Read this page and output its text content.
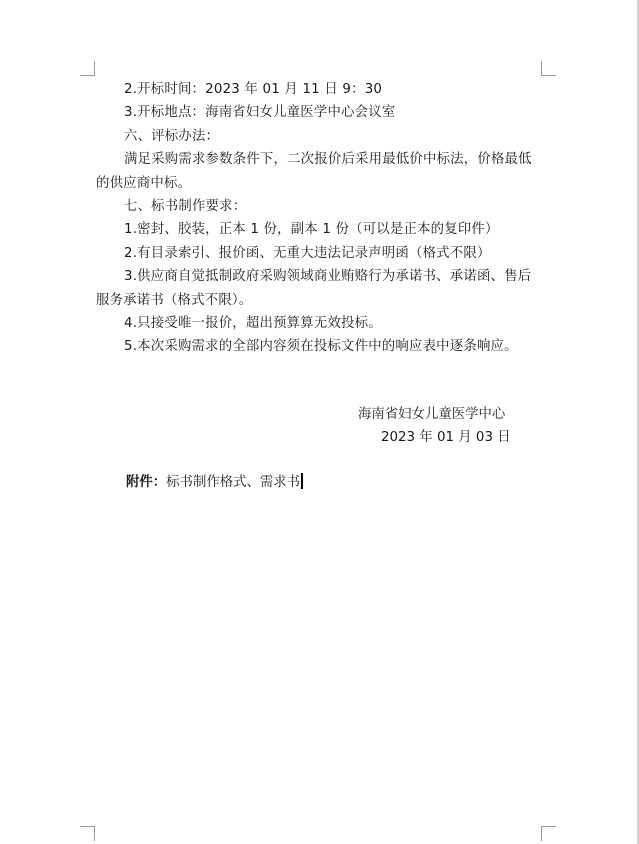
2.开标时间：2023 年 01 月 11 日 9：30

3.开标地点：海南省妇女儿童医学中心会议室

六、评标办法：

满足采购需求参数条件下，二次报价后采用最低价中标法，价格最低的供应商中标。

七、标书制作要求：

1.密封、胶装，正本 1 份，副本 1 份（可以是正本的复印件）

2.有目录索引、报价函、无重大违法记录声明函（格式不限）

3.供应商自觉抵制政府采购领域商业贿赂行为承诺书、承诺函、售后服务承诺书（格式不限）。

4.只接受唯一报价，超出预算算无效投标。

5.本次采购需求的全部内容须在投标文件中的响应表中逐条响应。

海南省妇女儿童医学中心
2023 年 01 月 03 日
附件：标书制作格式、需求书
